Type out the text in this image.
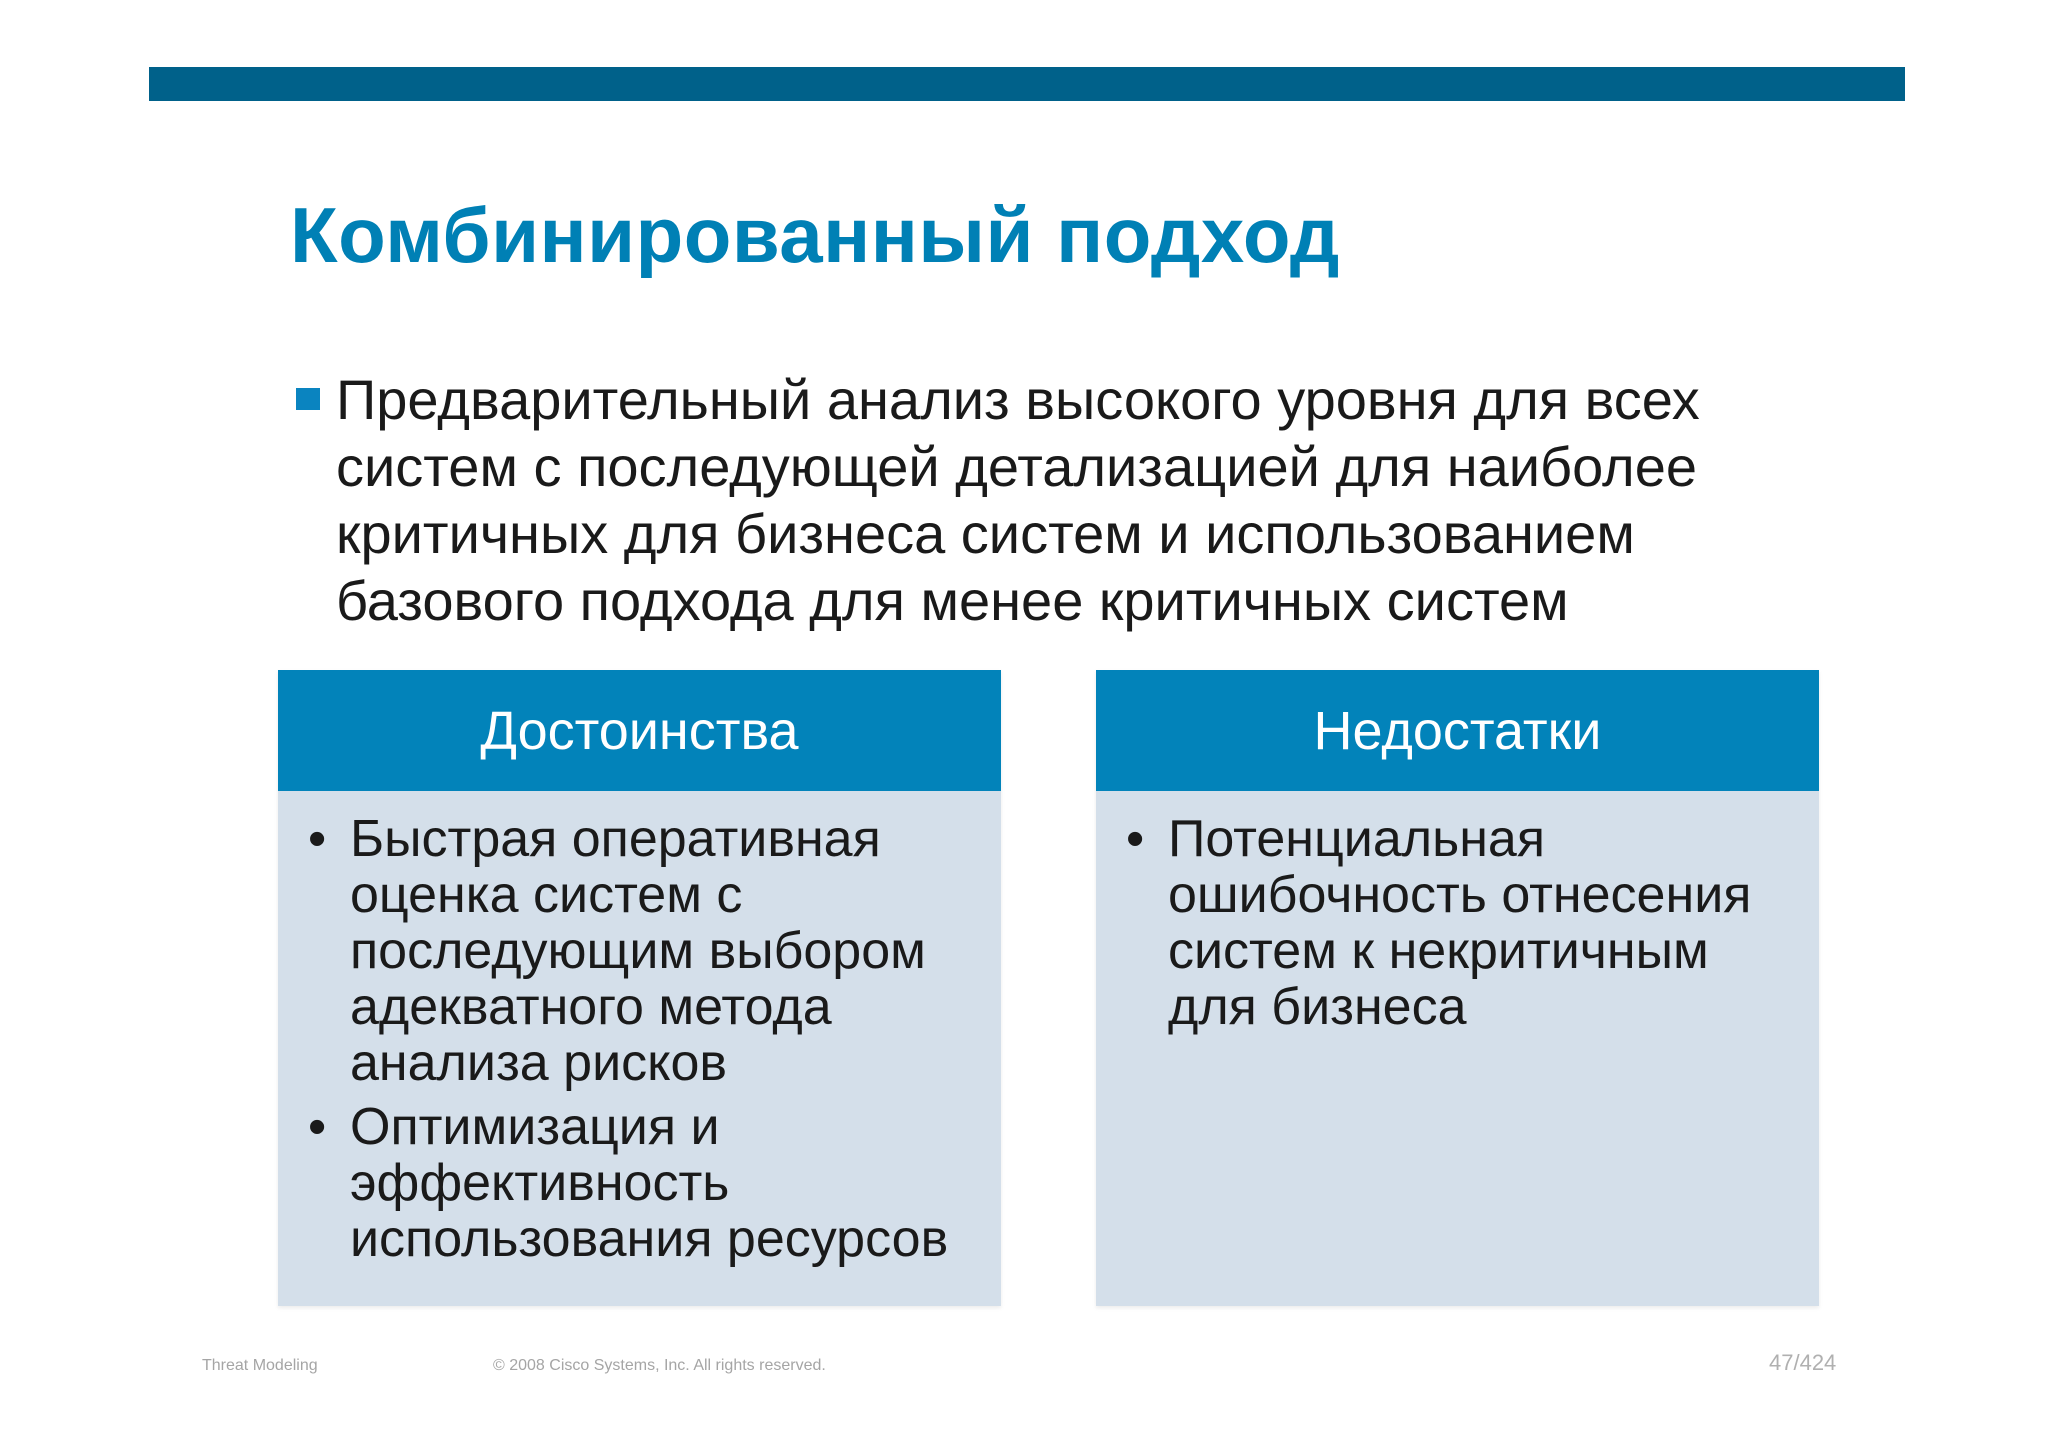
Комбинированный подход
Предварительный анализ высокого уровня для всех систем с последующей детализацией для наиболее критичных для бизнеса систем и использованием базового подхода для менее критичных систем
Достоинства
• Быстрая оперативная оценка систем с последующим выбором адекватного метода анализа рисков
• Оптимизация и эффективность использования ресурсов
Недостатки
• Потенциальная ошибочность отнесения систем к некритичным для бизнеса
Threat Modeling	© 2008 Cisco Systems, Inc. All rights reserved.	47/424
